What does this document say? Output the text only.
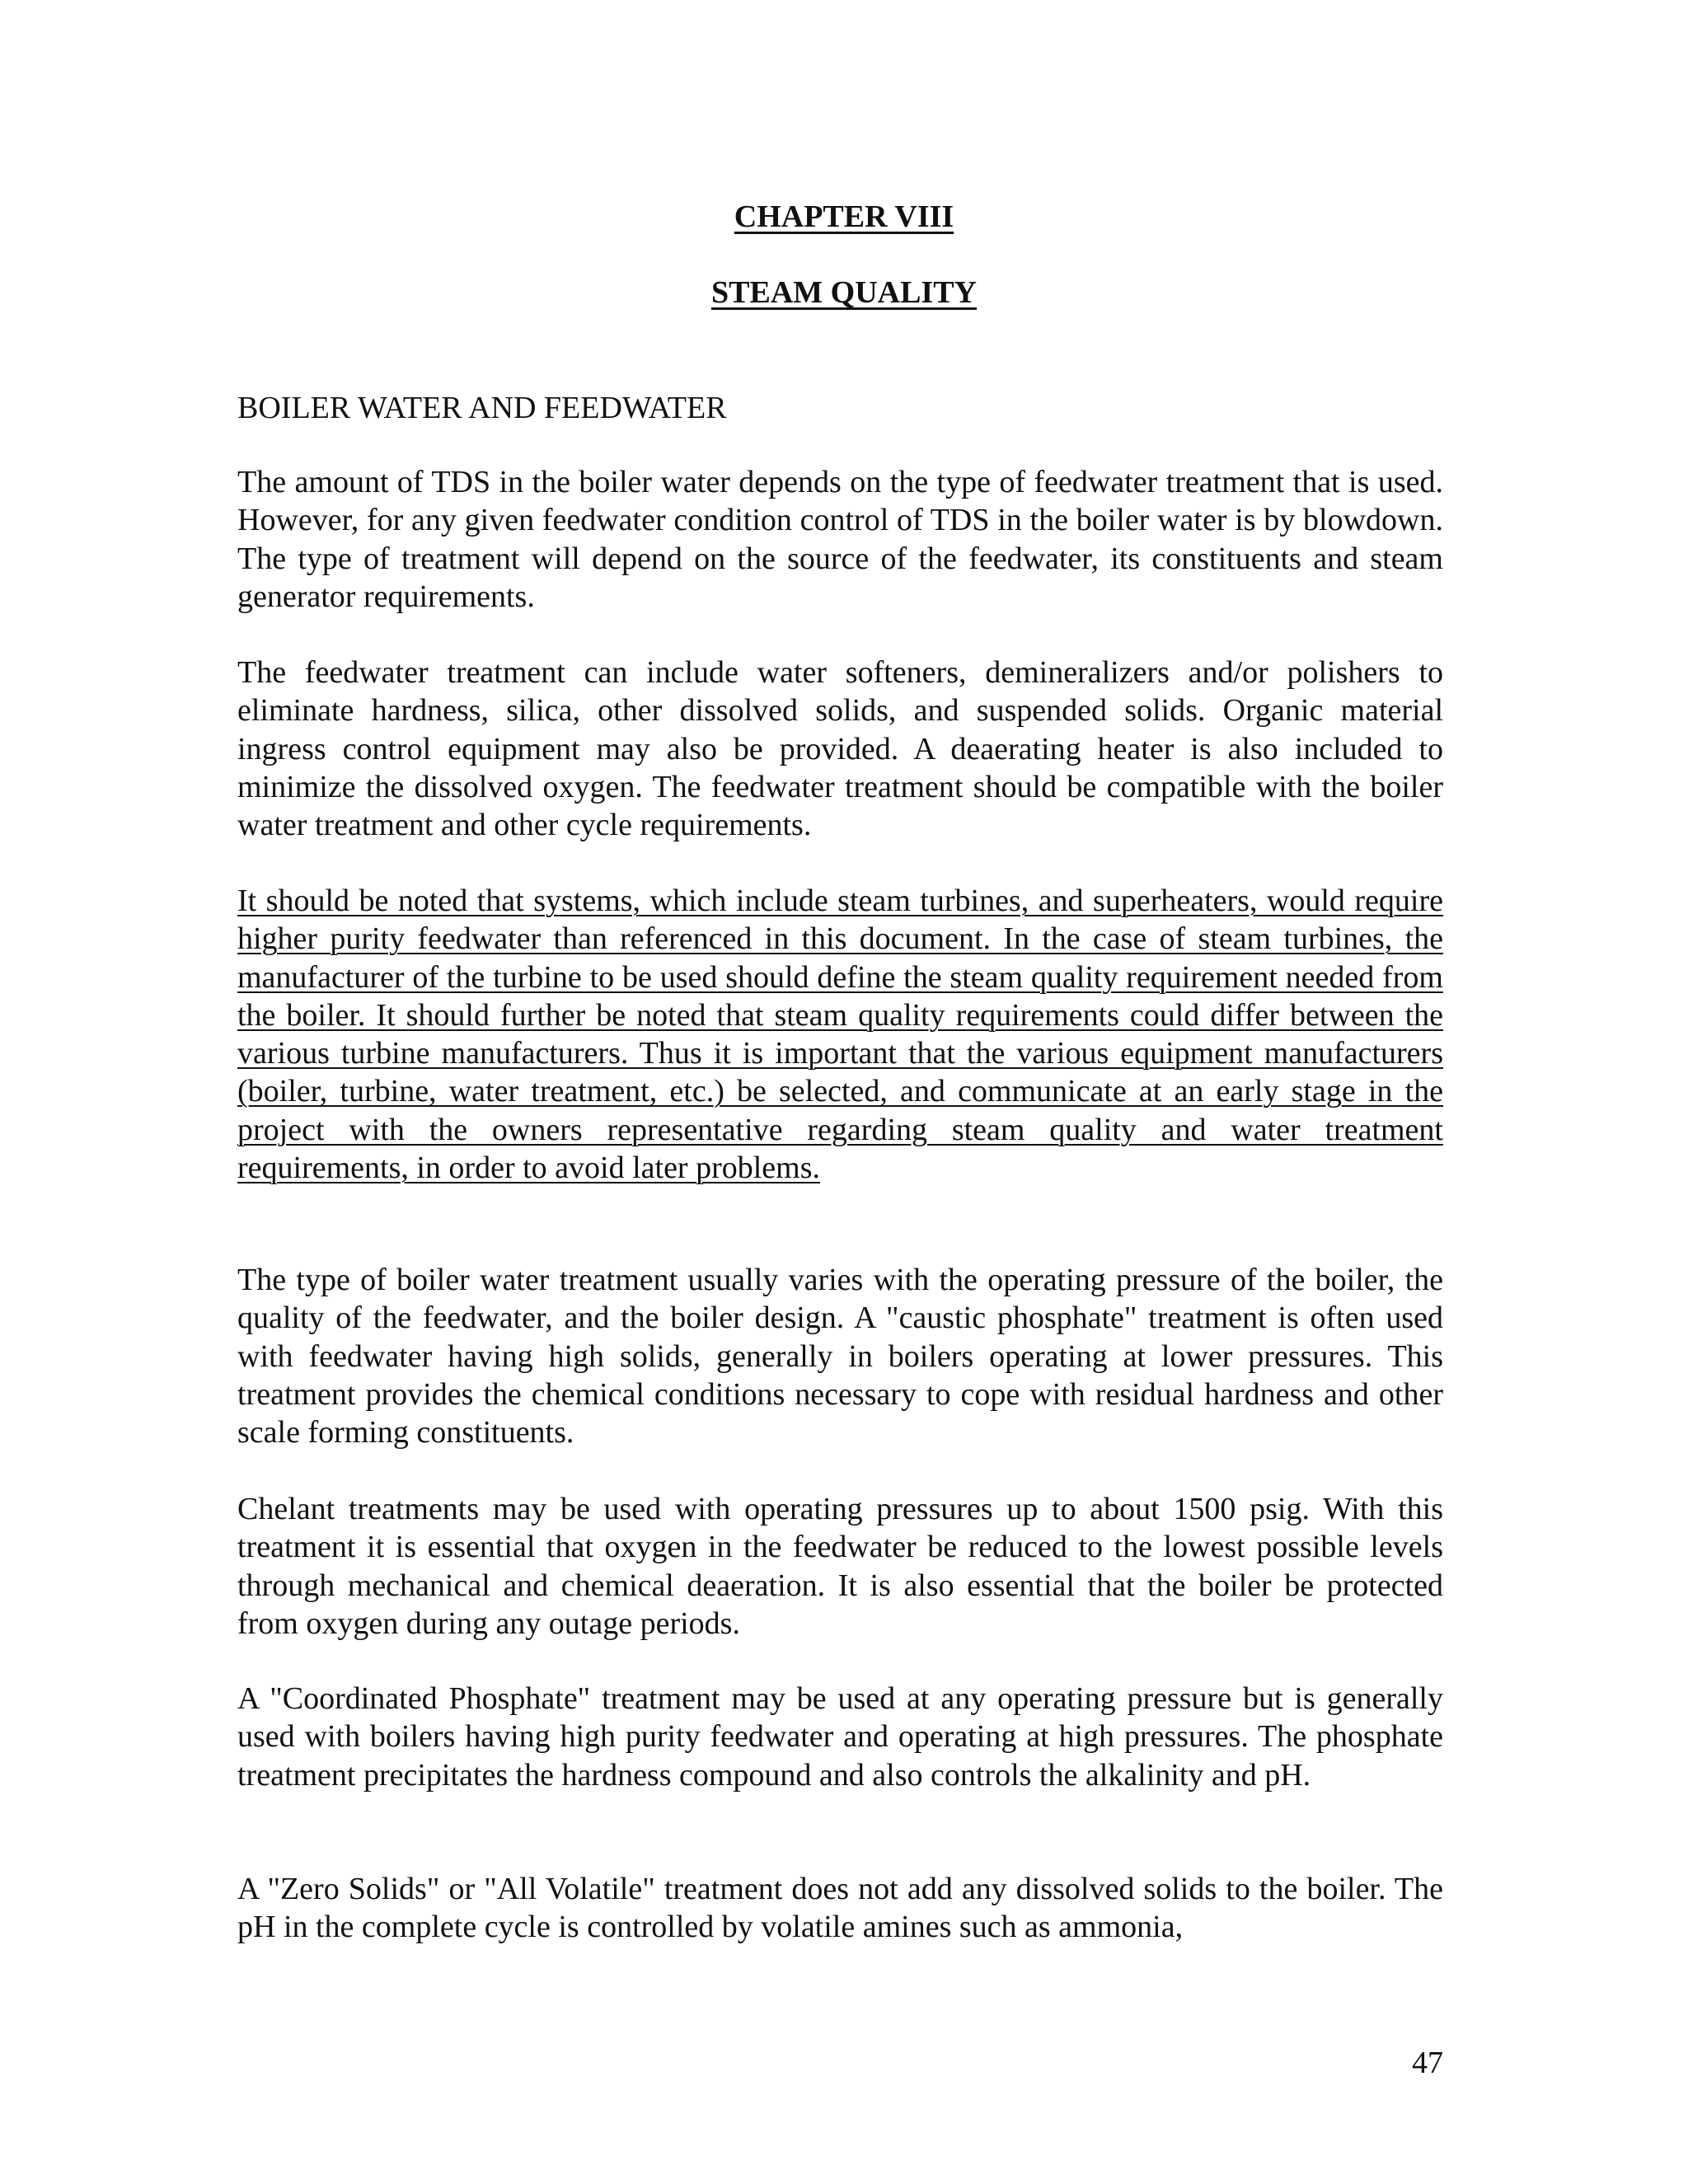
CHAPTER VIII
STEAM QUALITY
BOILER WATER AND FEEDWATER

The amount of TDS in the boiler water depends on the type of feedwater treatment that is used. However, for any given feedwater condition control of TDS in the boiler water is by blowdown. The type of treatment will depend on the source of the feedwater, its constituents and steam generator requirements.

The feedwater treatment can include water softeners, demineralizers and/or polishers to eliminate hardness, silica, other dissolved solids, and suspended solids. Organic material ingress control equipment may also be provided. A deaerating heater is also included to minimize the dissolved oxygen. The feedwater treatment should be compatible with the boiler water treatment and other cycle requirements.

It should be noted that systems, which include steam turbines, and superheaters, would require higher purity feedwater than referenced in this document. In the case of steam turbines, the manufacturer of the turbine to be used should define the steam quality requirement needed from the boiler. It should further be noted that steam quality requirements could differ between the various turbine manufacturers. Thus it is important that the various equipment manufacturers (boiler, turbine, water treatment, etc.) be selected, and communicate at an early stage in the project with the owners representative regarding steam quality and water treatment requirements, in order to avoid later problems.

The type of boiler water treatment usually varies with the operating pressure of the boiler, the quality of the feedwater, and the boiler design. A "caustic phosphate" treatment is often used with feedwater having high solids, generally in boilers operating at lower pressures. This treatment provides the chemical conditions necessary to cope with residual hardness and other scale forming constituents.

Chelant treatments may be used with operating pressures up to about 1500 psig. With this treatment it is essential that oxygen in the feedwater be reduced to the lowest possible levels through mechanical and chemical deaeration. It is also essential that the boiler be protected from oxygen during any outage periods.

A "Coordinated Phosphate" treatment may be used at any operating pressure but is generally used with boilers having high purity feedwater and operating at high pressures. The phosphate treatment precipitates the hardness compound and also controls the alkalinity and pH.

A "Zero Solids" or "All Volatile" treatment does not add any dissolved solids to the boiler. The pH in the complete cycle is controlled by volatile amines such as ammonia,

47
